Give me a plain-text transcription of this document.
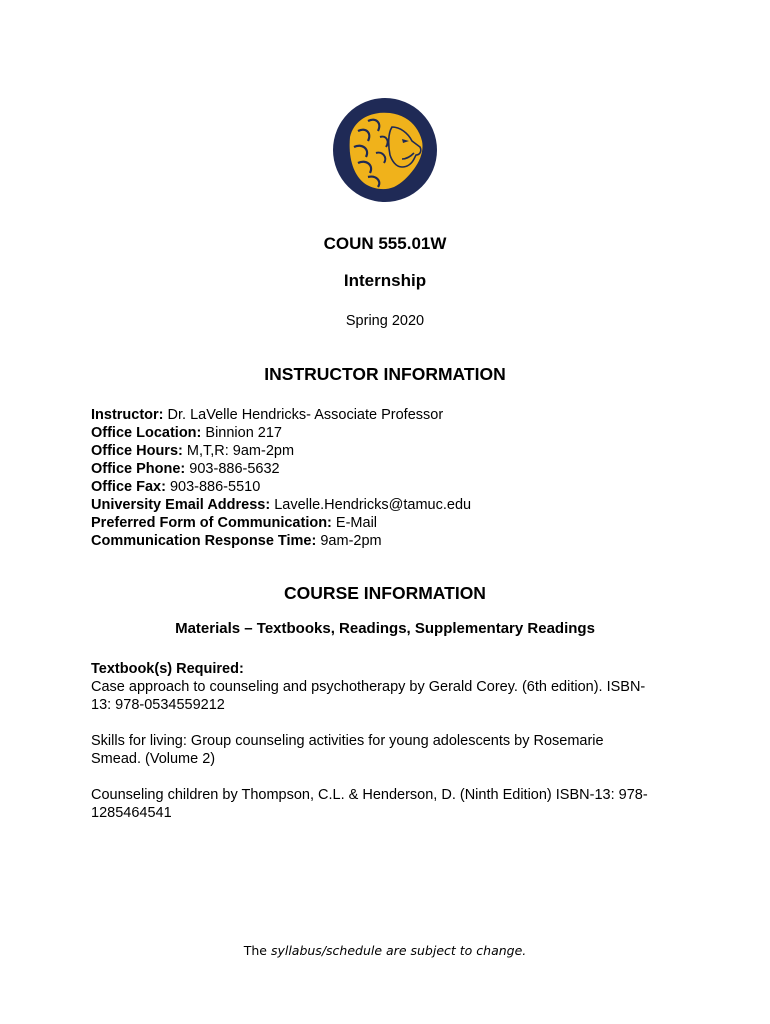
COUN 555.01W
Internship
Spring 2020
INSTRUCTOR INFORMATION
Instructor: Dr. LaVelle Hendricks- Associate Professor
Office Location: Binnion 217
Office Hours: M,T,R: 9am-2pm
Office Phone: 903-886-5632
Office Fax: 903-886-5510
University Email Address: Lavelle.Hendricks@tamuc.edu
Preferred Form of Communication: E-Mail
Communication Response Time: 9am-2pm
COURSE INFORMATION
Materials – Textbooks, Readings, Supplementary Readings
Textbook(s) Required:
Case approach to counseling and psychotherapy by Gerald Corey. (6th edition). ISBN-
13: 978-0534559212
Skills for living: Group counseling activities for young adolescents by Rosemarie
Smead. (Volume 2)
Counseling children by Thompson, C.L. & Henderson, D. (Ninth Edition) ISBN-13: 978-
1285464541
The syllabus/schedule are subject to change.
